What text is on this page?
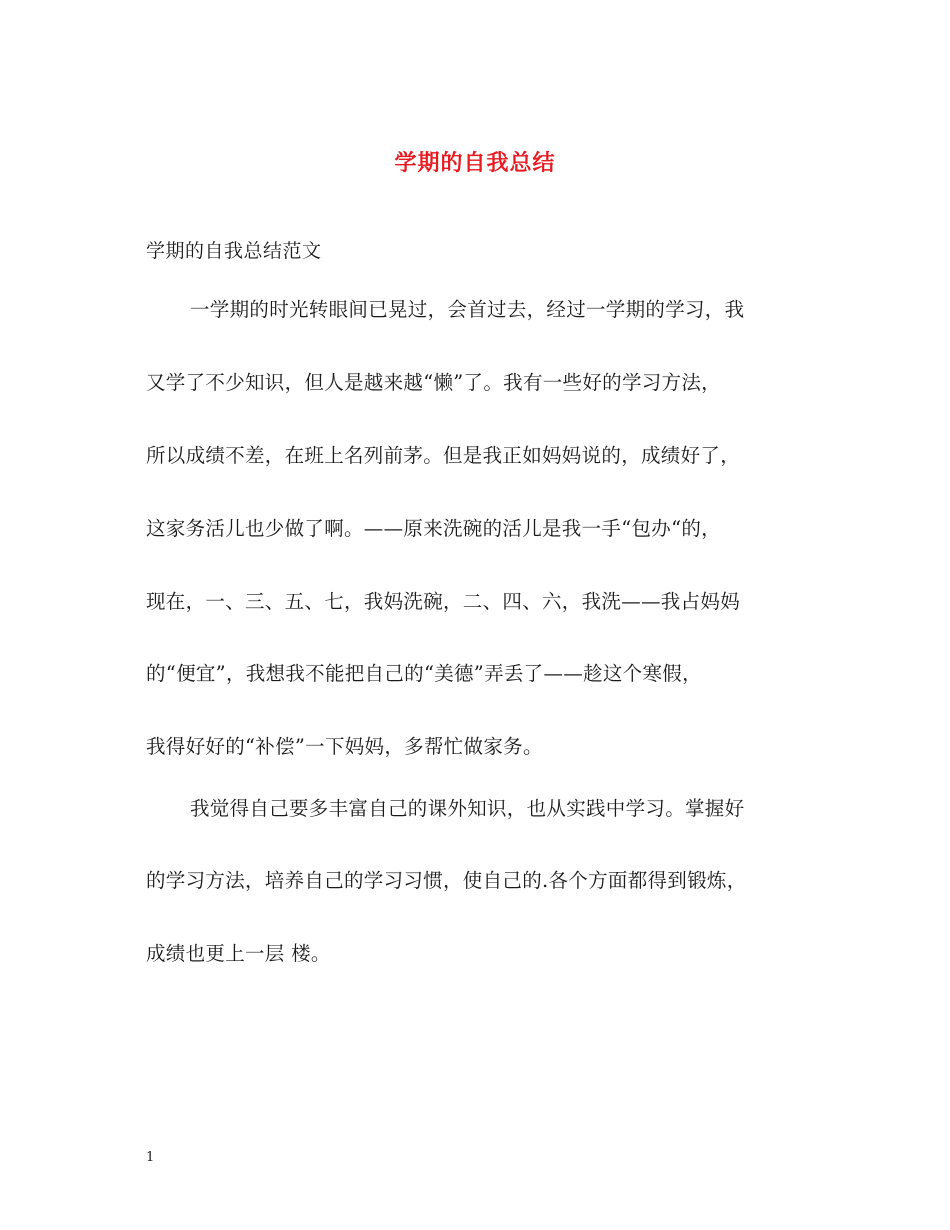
学期的自我总结
学期的自我总结范文
一学期的时光转眼间已晃过，会首过去，经过一学期的学习，我
又学了不少知识，但人是越来越“懒”了。我有一些好的学习方法，
所以成绩不差，在班上名列前茅。但是我正如妈妈说的，成绩好了，
这家务活儿也少做了啊。——原来洗碗的活儿是我一手“包办“的，
现在，一、三、五、七，我妈洗碗，二、四、六，我洗——我占妈妈
的“便宜”，我想我不能把自己的“美德”弄丢了——趁这个寒假，
我得好好的“补偿”一下妈妈，多帮忙做家务。
我觉得自己要多丰富自己的课外知识，也从实践中学习。掌握好
的学习方法，培养自己的学习习惯，使自己的.各个方面都得到锻炼，
成绩也更上一层 楼。
1
